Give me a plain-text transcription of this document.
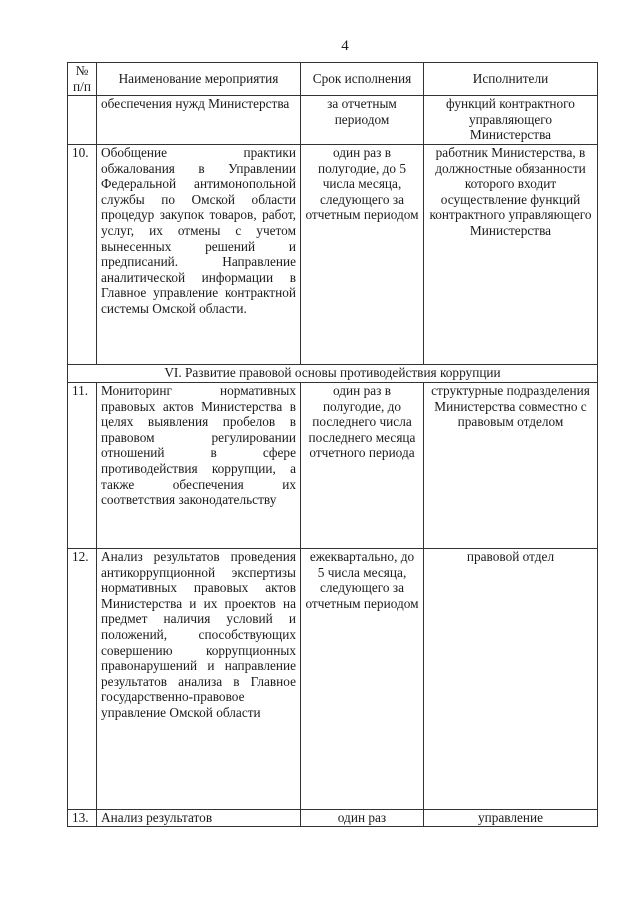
4
№ п/п	Наименование мероприятия	Срок исполнения	Исполнители
	обеспечения нужд Министерства	за отчетным периодом	функций контрактного управляющего Министерства
10.	Обобщение практики обжалования в Управлении Федеральной антимонопольной службы по Омской области процедур закупок товаров, работ, услуг, их отмены с учетом вынесенных решений и предписаний. Направление аналитической информации в Главное управление контрактной системы Омской области.	один раз в полугодие, до 5 числа месяца, следующего за отчетным периодом	работник Министерства, в должностные обязанности которого входит осуществление функций контрактного управляющего Министерства
VI. Развитие правовой основы противодействия коррупции			
11.	Мониторинг нормативных правовых актов Министерства в целях выявления пробелов в правовом регулировании отношений в сфере противодействия коррупции, а также обеспечения их соответствия законодательству	один раз в полугодие, до последнего числа последнего месяца отчетного периода	структурные подразделения Министерства совместно с правовым отделом
12.	Анализ результатов проведения антикоррупционной экспертизы нормативных правовых актов Министерства и их проектов на предмет наличия условий и положений, способствующих совершению коррупционных правонарушений и направление результатов анализа в Главное государственно-правовое управление Омской области	ежеквартально, до 5 числа месяца, следующего за отчетным периодом	правовой отдел
13.	Анализ результатов	один раз	управление
